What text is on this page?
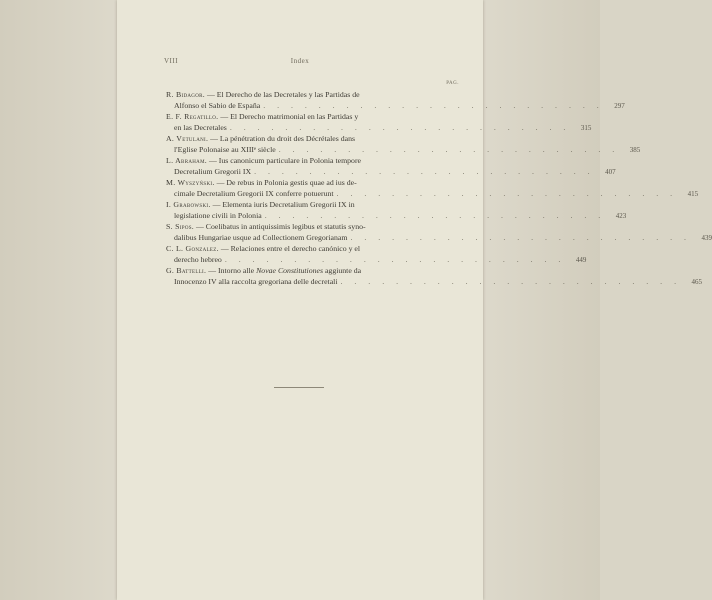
VIII	Index
PAG.
R. Bidagor. — El Derecho de las Decretales y las Partidas de
Alfonso el Sabio de España . . . . . . . . . . . . . . . . . . . . . . . . .	297
E. F. Regatillo. — El Derecho matrimonial en las Partidas y
en las Decretales . . . . . . . . . . . . . . . . . . . . . . . . .	315
A. Vetulani. — La pénétration du droit des Décrétales dans
l'Eglise Polonaise au XIIIᵉ siècle . . . . . . . . . . . . . . . . . . . . . . . . .	385
L. Abraham. — Ius canonicum particulare in Polonia tempore
Decretalium Gregorii IX . . . . . . . . . . . . . . . . . . . . . . . . .	407
M. Wyszyński. — De rebus in Polonia gestis quae ad ius de-
cimale Decretalium Gregorii IX conferre potuerunt . . . . . . . . . . . . . . . . . . . . . . . . .	415
I. Grabowski. — Elementa iuris Decretalium Gregorii IX in
legislatione civili in Polonia . . . . . . . . . . . . . . . . . . . . . . . . .	423
S. Sipos. — Coelibatus in antiquissimis legibus et statutis syno-
dalibus Hungariae usque ad Collectionem Gregorianam . . . . . . . . . . . . . . . . . . . . . . . . .	439
C. L. Gonzalez. — Relaciones entre el derecho canónico y el
derecho hebreo . . . . . . . . . . . . . . . . . . . . . . . . .	449
G. Battelli. — Intorno alle Novae Constitutiones aggiunte da
Innocenzo IV alla raccolta gregoriana delle decretali . . . . . . . . . . . . . . . . . . . . . . . . .	465
